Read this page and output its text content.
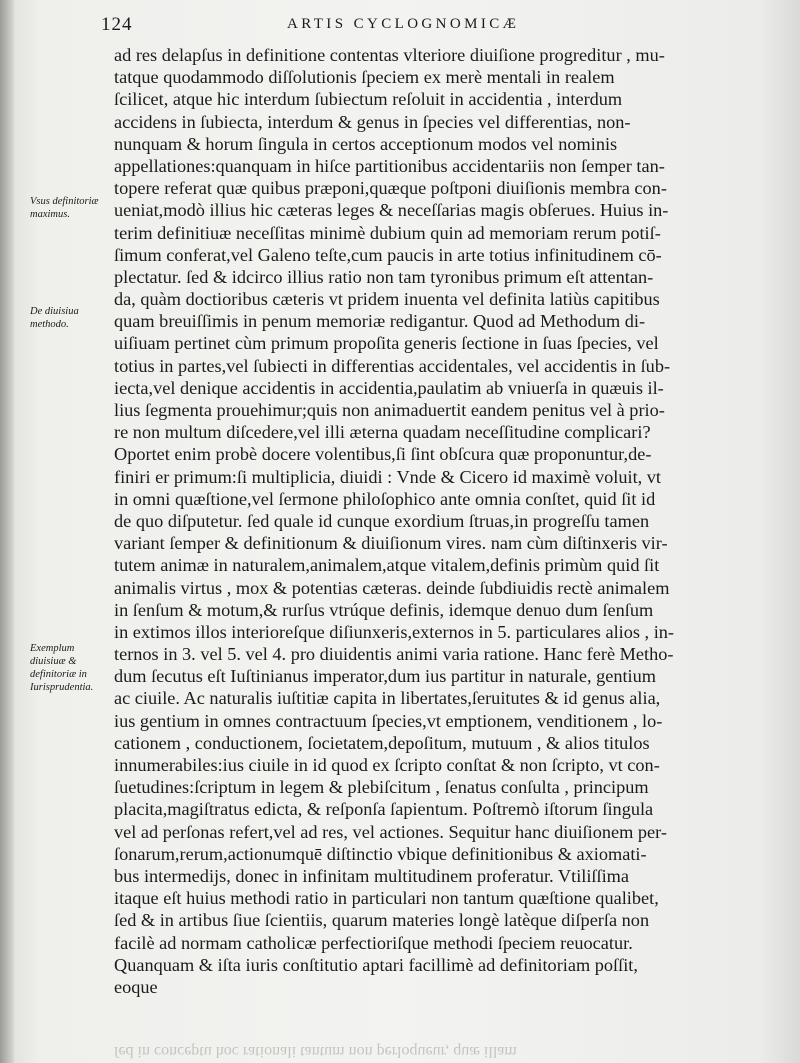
124	ARTIS CYCLOGNOMICÆ
Vsus definitoriæ maximus.
De diuisiua methodo.
Exemplum diuisiuæ & definitoriæ in Iurisprudentia.
ad res delapſus in definitione contentas vlteriore diuiſione progreditur , mu-
tatque quodammodo diſſolutionis ſpeciem ex merè mentali in realem
ſcilicet, atque hic interdum ſubiectum reſoluit in accidentia , interdum
accidens in ſubiecta, interdum & genus in ſpecies vel differentias, non-
nunquam & horum ſingula in certos acceptionum modos vel nominis
appellationes:quanquam in hiſce partitionibus accidentariis non ſemper tan-
topere referat quæ quibus præponi,quæque poſtponi diuiſionis membra con-
ueniat,modò illius hic cæteras leges & neceſſarias magis obſerues. Huius in-
terim definitiuæ neceſſitas minimè dubium quin ad memoriam rerum potiſ-
ſimum conferat,vel Galeno teſte,cum paucis in arte totius infinitudinem cō-
plectatur. ſed & idcirco illius ratio non tam tyronibus primum eſt attentan-
da, quàm doctioribus cæteris vt pridem inuenta vel definita latiùs capitibus
quam breuiſſimis in penum memoriæ redigantur. Quod ad Methodum di-
uiſiuam pertinet cùm primum propoſita generis ſectione in ſuas ſpecies, vel
totius in partes,vel ſubiecti in differentias accidentales, vel accidentis in ſub-
iecta,vel denique accidentis in accidentia,paulatim ab vniuerſa in quæuis il-
lius ſegmenta prouehimur;quis non animaduertit eandem penitus vel à prio-
re non multum diſcedere,vel illi æterna quadam neceſſitudine complicari?
Oportet enim probè docere volentibus,ſi ſint obſcura quæ proponuntur,de-
finiri er primum:ſi multiplicia, diuidi : Vnde & Cicero id maximè voluit, vt
in omni quæſtione,vel ſermone philoſophico ante omnia conſtet, quid ſit id
de quo diſputetur. ſed quale id cunque exordium ſtruas,in progreſſu tamen
variant ſemper & definitionum & diuiſionum vires. nam cùm diſtinxeris vir-
tutem animæ in naturalem,animalem,atque vitalem,definis primùm quid ſit
animalis virtus , mox & potentias cæteras. deinde ſubdiuidis rectè animalem
in ſenſum & motum,& rurſus vtrúque definis, idemque denuo dum ſenſum
in extimos illos interioreſque diſiunxeris,externos in 5. particulares alios , in-
ternos in 3. vel 5. vel 4. pro diuidentis animi varia ratione. Hanc ferè Metho-
dum ſecutus eſt Iuſtinianus imperator,dum ius partitur in naturale, gentium
ac ciuile. Ac naturalis iuſtitiæ capita in libertates,ſeruitutes & id genus alia,
ius gentium in omnes contractuum ſpecies,vt emptionem, venditionem , lo-
cationem , conductionem, ſocietatem,depoſitum, mutuum , & alios titulos
innumerabiles:ius ciuile in id quod ex ſcripto conſtat & non ſcripto, vt con-
ſuetudines:ſcriptum in legem & plebiſcitum , ſenatus conſulta , principum
placita,magiſtratus edicta, & reſponſa ſapientum. Poſtremò iſtorum ſingula
vel ad perſonas refert,vel ad res, vel actiones. Sequitur hanc diuiſionem per-
ſonarum,rerum,actionumquē diſtinctio vbique definitionibus & axiomati-
bus intermedijs, donec in infinitam multitudinem proferatur. Vtiliſſima
itaque eſt huius methodi ratio in particulari non tantum quæſtione qualibet,
ſed & in artibus ſiue ſcientiis, quarum materies longè latèque diſperſa non
facilè ad normam catholicæ perfectioriſque methodi ſpeciem reuocatur.
Quanquam & iſta iuris conſtitutio aptari facillimè ad definitoriam poſſit,
eoque
ſed in conceptu hoc rationali tantum non perloqueur, quæ illam
